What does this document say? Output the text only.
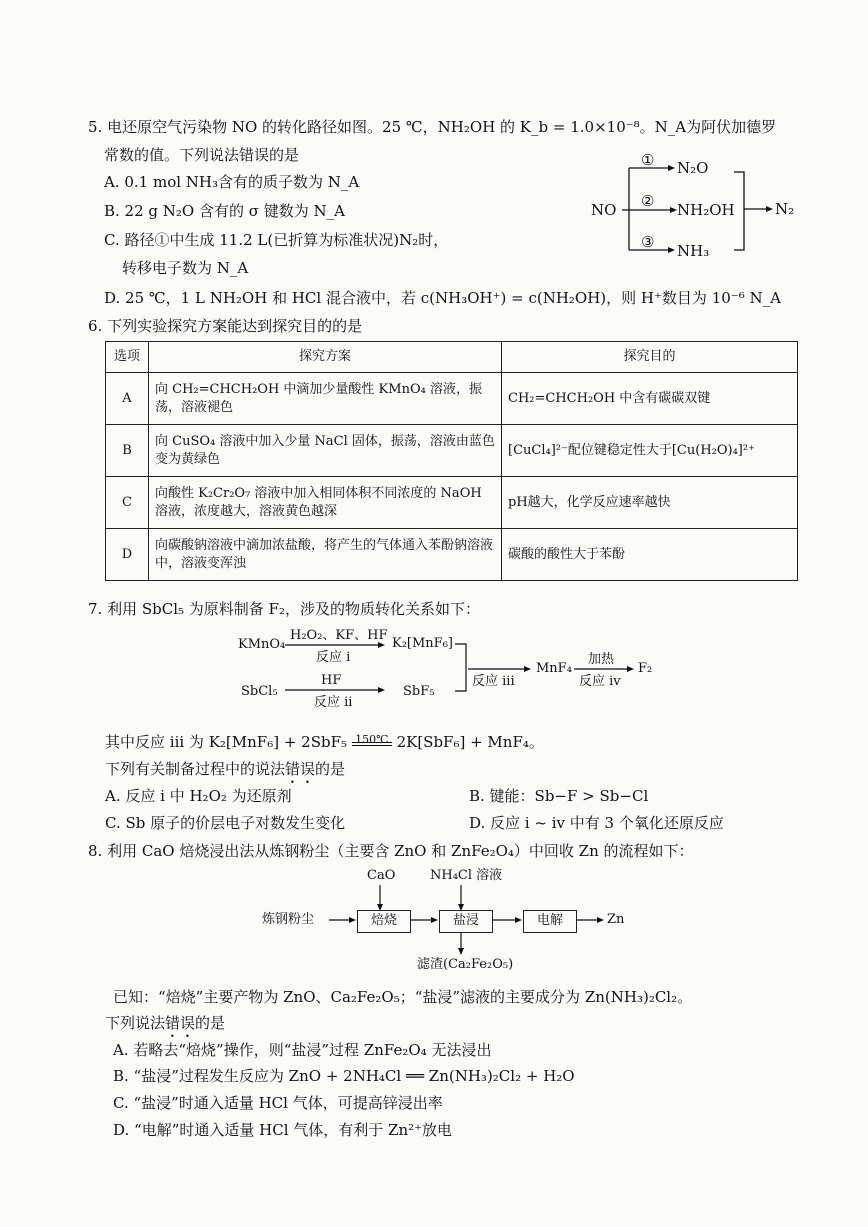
5. 电还原空气污染物 NO 的转化路径如图。25 ℃，NH₂OH 的 K_b = 1.0×10⁻⁸。N_A为阿伏加德罗
常数的值。下列说法错误的是
A. 0.1 mol NH₃含有的质子数为 N_A
B. 22 g N₂O 含有的 σ 键数为 N_A
C. 路径①中生成 11.2 L(已折算为标准状况)N₂时，
转移电子数为 N_A
D. 25 ℃，1 L NH₂OH 和 HCl 混合液中，若 c(NH₃OH⁺) = c(NH₂OH)，则 H⁺数目为 10⁻⁶ N_A
NO
① N₂O
② NH₂OH
③ NH₃
N₂
6. 下列实验探究方案能达到探究目的的是
选项	探究方案	探究目的
A	向 CH₂=CHCH₂OH 中滴加少量酸性 KMnO₄ 溶液，振荡，溶液褪色	CH₂=CHCH₂OH 中含有碳碳双键
B	向 CuSO₄ 溶液中加入少量 NaCl 固体，振荡，溶液由蓝色变为黄绿色	[CuCl₄]²⁻配位键稳定性大于[Cu(H₂O)₄]²⁺
C	向酸性 K₂Cr₂O₇ 溶液中加入相同体积不同浓度的 NaOH 溶液，浓度越大，溶液黄色越深	pH越大，化学反应速率越快
D	向碳酸钠溶液中滴加浓盐酸，将产生的气体通入苯酚钠溶液中，溶液变浑浊	碳酸的酸性大于苯酚
7. 利用 SbCl₅ 为原料制备 F₂，涉及的物质转化关系如下：
KMnO₄
H₂O₂、KF、HF
反应 i
K₂[MnF₆]
SbCl₅
HF
反应 ii
SbF₅
反应 iii
MnF₄
加热
反应 iv
F₂
其中反应 iii 为 K₂[MnF₆] + 2SbF₅ 150℃ 2K[SbF₆] + MnF₄。
下列有关制备过程中的说法错误的是
A. 反应 i 中 H₂O₂ 为还原剂	B. 键能：Sb−F > Sb−Cl
C. Sb 原子的价层电子对数发生变化	D. 反应 i ~ iv 中有 3 个氧化还原反应
8. 利用 CaO 焙烧浸出法从炼钢粉尘（主要含 ZnO 和 ZnFe₂O₄）中回收 Zn 的流程如下：
炼钢粉尘
CaO	NH₄Cl 溶液
焙烧	盐浸	电解	Zn
滤渣(Ca₂Fe₂O₅)
已知：“焙烧”主要产物为 ZnO、Ca₂Fe₂O₅；“盐浸”滤液的主要成分为 Zn(NH₃)₂Cl₂。
下列说法错误的是
A. 若略去“焙烧”操作，则“盐浸”过程 ZnFe₂O₄ 无法浸出
B. “盐浸”过程发生反应为 ZnO + 2NH₄Cl ══ Zn(NH₃)₂Cl₂ + H₂O
C. “盐浸”时通入适量 HCl 气体，可提高锌浸出率
D. “电解”时通入适量 HCl 气体，有利于 Zn²⁺放电
